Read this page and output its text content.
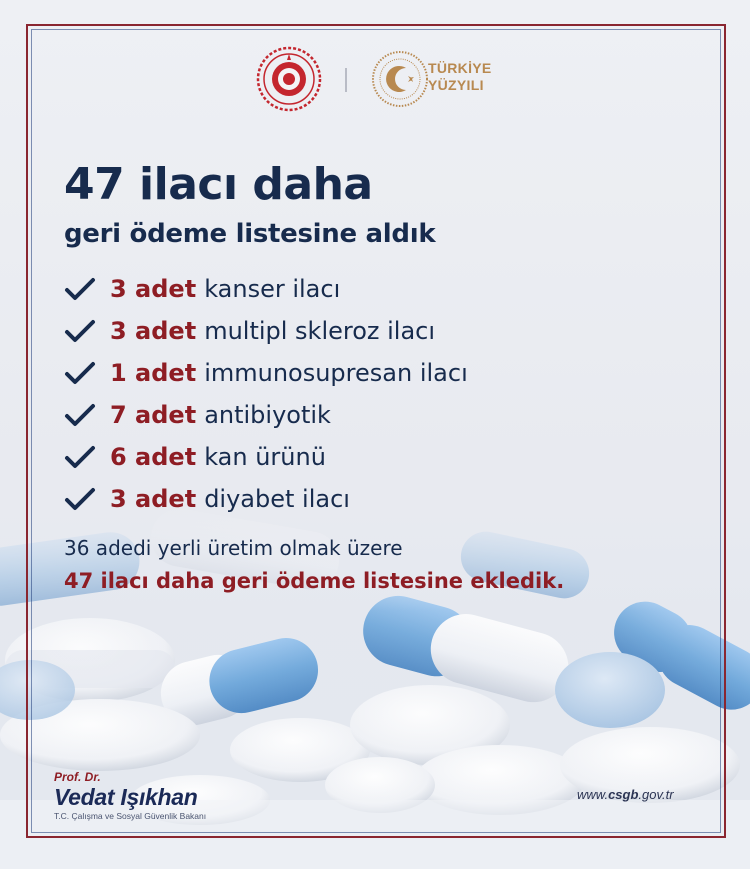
TÜRKİYE
YÜZYILI
47 ilacı daha
geri ödeme listesine aldık
3 adet kanser ilacı
3 adet multipl skleroz ilacı
1 adet immunosupresan ilacı
7 adet antibiyotik
6 adet kan ürünü
3 adet diyabet ilacı
36 adedi yerli üretim olmak üzere
47 ilacı daha geri ödeme listesine ekledik.
Prof. Dr.
Vedat Işıkhan
T.C. Çalışma ve Sosyal Güvenlik Bakanı
www.csgb.gov.tr
